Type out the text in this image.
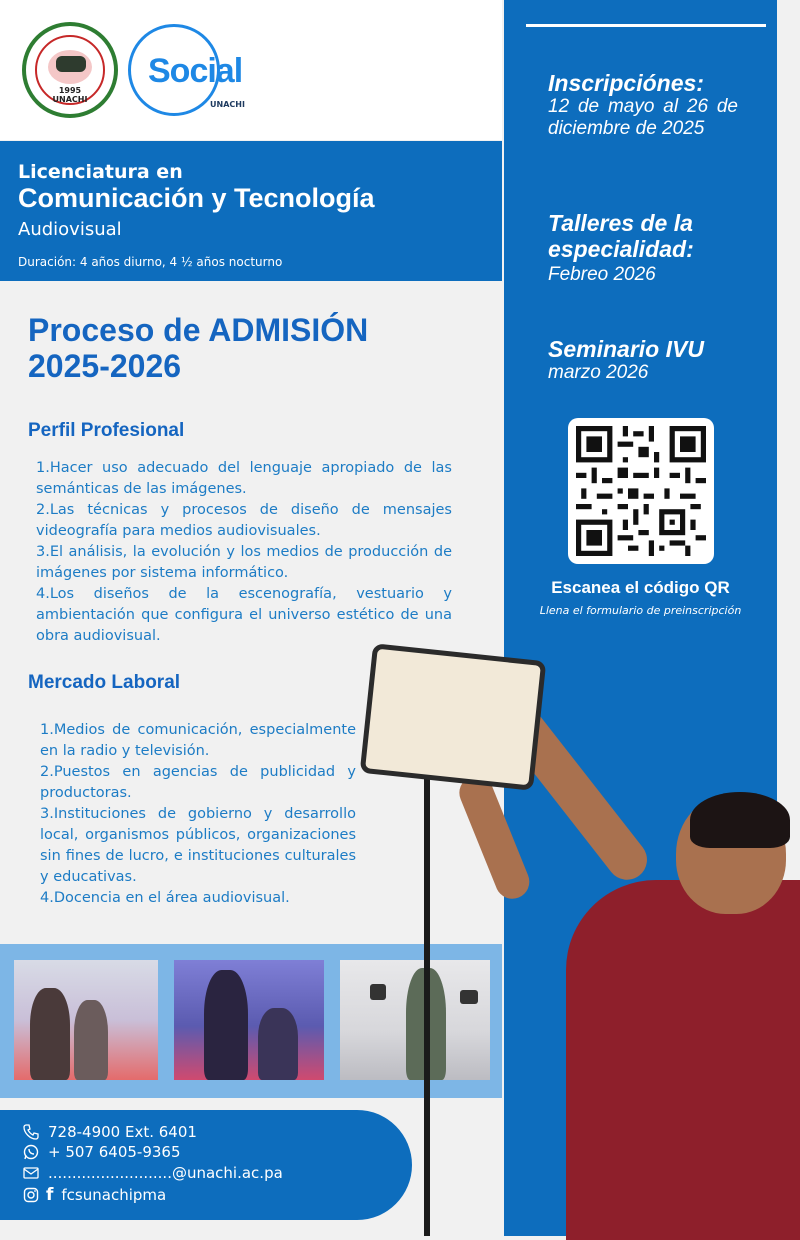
1995
UNACHI
Social
UNACHI
Licenciatura en
Comunicación y Tecnología
Audiovisual
Duración: 4 años diurno, 4 ½ años nocturno
Proceso de ADMISIÓN
2025-2026
Perfil Profesional
1.Hacer uso adecuado del lenguaje apropiado de las semánticas de las imágenes.
2.Las técnicas y procesos de diseño de mensajes videografía para medios audiovisuales.
3.El análisis, la evolución y los medios de producción de imágenes por sistema informático.
4.Los diseños de la escenografía, vestuario y ambientación que configura el universo estético de una obra audiovisual.
Mercado Laboral
1.Medios de comunicación, especialmente en la radio y televisión.
2.Puestos en agencias de publicidad y productoras.
3.Instituciones de gobierno y desarrollo local, organismos públicos, organizaciones sin fines de lucro, e instituciones culturales y educativas.
4.Docencia en el área audiovisual.
Inscripciónes:
12 de mayo al 26 de diciembre de 2025
Talleres de la especialidad:
Febreo 2026
Seminario IVU
marzo 2026
Escanea el código QR
Llena el formulario de preinscripción
728-4900 Ext. 6401
+ 507 6405-9365
..........................@unachi.ac.pa
f fcsunachipma
